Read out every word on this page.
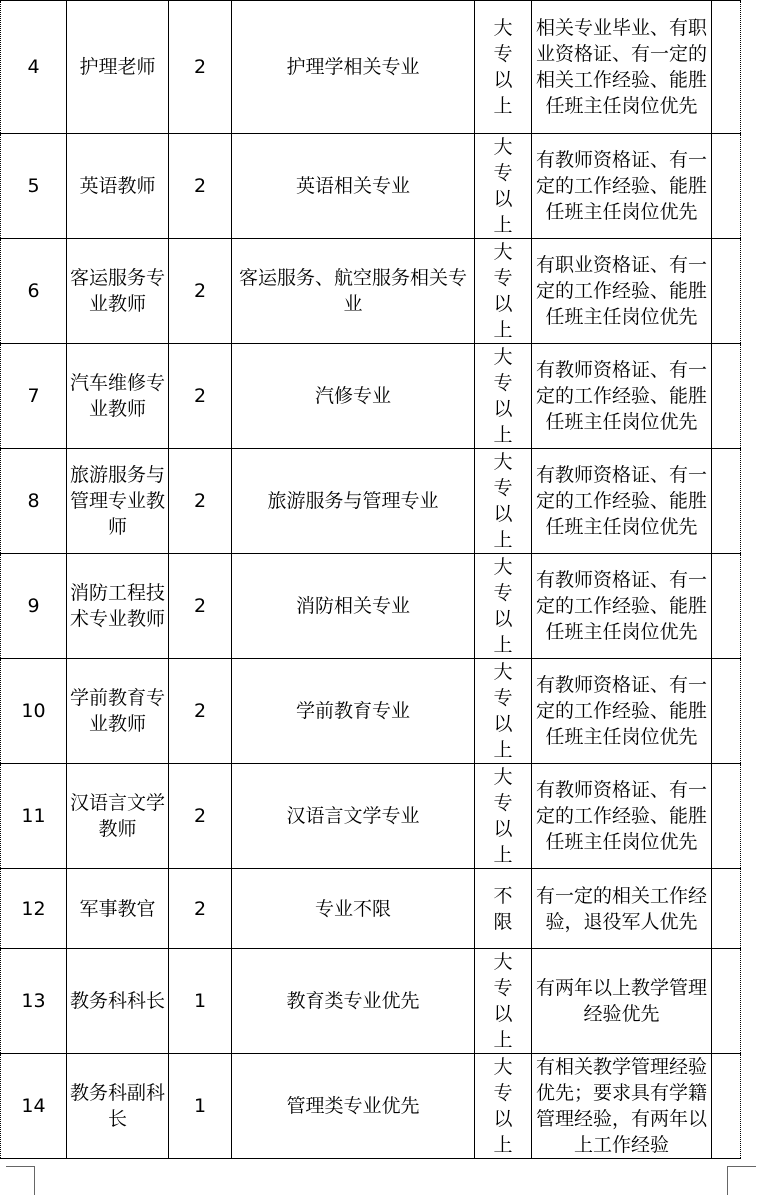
4	护理老师	2	护理学相关专业	大专以上	相关专业毕业、有职业资格证、有一定的相关工作经验、能胜任班主任岗位优先	

5	英语教师	2	英语相关专业	大专以上	有教师资格证、有一定的工作经验、能胜任班主任岗位优先	

6	客运服务专业教师	2	客运服务、航空服务相关专业	大专以上	有职业资格证、有一定的工作经验、能胜任班主任岗位优先	

7	汽车维修专业教师	2	汽修专业	大专以上	有教师资格证、有一定的工作经验、能胜任班主任岗位优先	

8	旅游服务与管理专业教师	2	旅游服务与管理专业	大专以上	有教师资格证、有一定的工作经验、能胜任班主任岗位优先	

9	消防工程技术专业教师	2	消防相关专业	大专以上	有教师资格证、有一定的工作经验、能胜任班主任岗位优先	

10	学前教育专业教师	2	学前教育专业	大专以上	有教师资格证、有一定的工作经验、能胜任班主任岗位优先	

11	汉语言文学教师	2	汉语言文学专业	大专以上	有教师资格证、有一定的工作经验、能胜任班主任岗位优先	

12	军事教官	2	专业不限	不限	有一定的相关工作经验，退役军人优先	

13	教务科科长	1	教育类专业优先	大专以上	有两年以上教学管理经验优先	

14	教务科副科长	1	管理类专业优先	大专以上	有相关教学管理经验优先；要求具有学籍管理经验，有两年以上工作经验	
